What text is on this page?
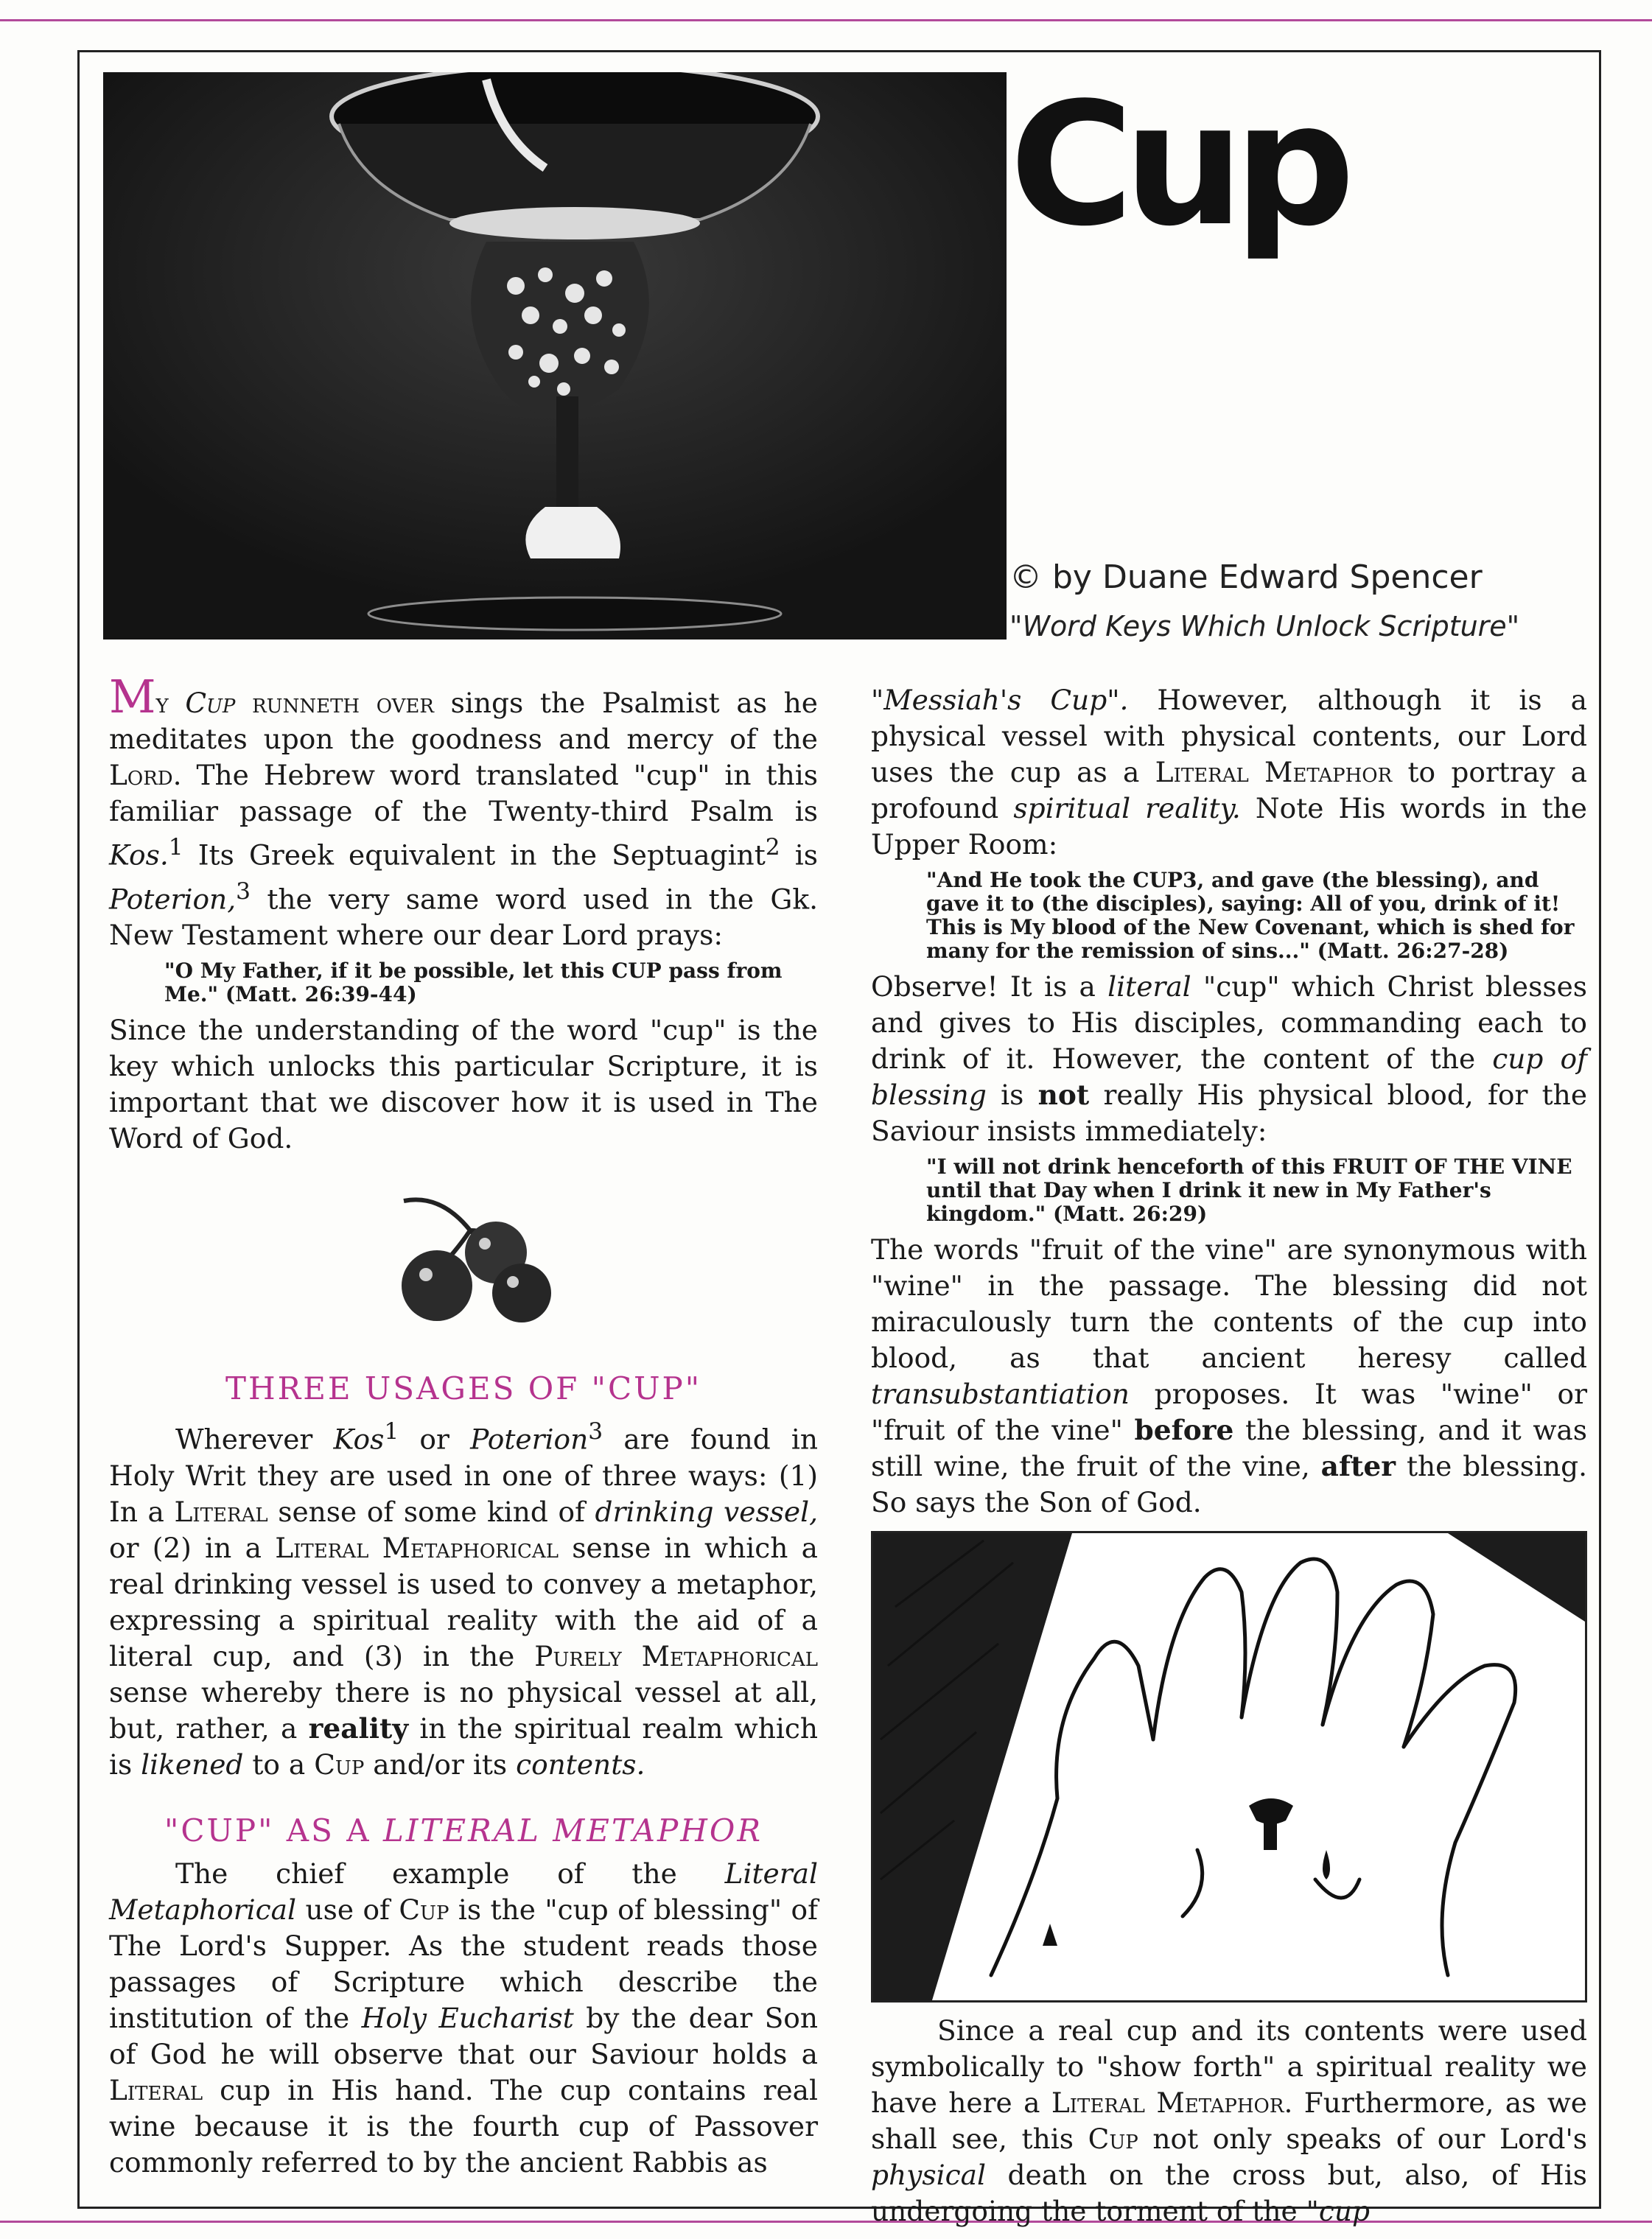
Cup

© by Duane Edward Spencer

"Word Keys Which Unlock Scripture"

My Cup runneth over sings the Psalmist as he meditates upon the goodness and mercy of the Lord. The Hebrew word translated "cup" in this familiar passage of the Twenty-third Psalm is Kos.$^1$ Its Greek equivalent in the Septuagint$^2$ is Poterion,$^3$ the very same word used in the Gk. New Testament where our dear Lord prays:

"O My Father, if it be possible, let this CUP pass from Me." (Matt. 26:39-44)

Since the understanding of the word "cup" is the key which unlocks this particular Scripture, it is important that we discover how it is used in The Word of God.

THREE USAGES OF "CUP"

Wherever Kos$^1$ or Poterion$^3$ are found in Holy Writ they are used in one of three ways: (1) In a Literal sense of some kind of drinking vessel, or (2) in a Literal Metaphorical sense in which a real drinking vessel is used to convey a metaphor, expressing a spiritual reality with the aid of a literal cup, and (3) in the Purely Metaphorical sense whereby there is no physical vessel at all, but, rather, a reality in the spiritual realm which is likened to a Cup and/or its contents.

"CUP" AS A LITERAL METAPHOR

The chief example of the Literal Metaphorical use of Cup is the "cup of blessing" of The Lord's Supper. As the student reads those passages of Scripture which describe the institution of the Holy Eucharist by the dear Son of God he will observe that our Saviour holds a Literal cup in His hand. The cup contains real wine because it is the fourth cup of Passover commonly referred to by the ancient Rabbis as

"Messiah's Cup". However, although it is a physical vessel with physical contents, our Lord uses the cup as a Literal Metaphor to portray a profound spiritual reality. Note His words in the Upper Room:

"And He took the CUP3, and gave (the blessing), and gave it to (the disciples), saying: All of you, drink of it! This is My blood of the New Covenant, which is shed for many for the remission of sins..." (Matt. 26:27-28)

Observe! It is a literal "cup" which Christ blesses and gives to His disciples, commanding each to drink of it. However, the content of the cup of blessing is not really His physical blood, for the Saviour insists immediately:

"I will not drink henceforth of this FRUIT OF THE VINE until that Day when I drink it new in My Father's kingdom." (Matt. 26:29)

The words "fruit of the vine" are synonymous with "wine" in the passage. The blessing did not miraculously turn the contents of the cup into blood, as that ancient heresy called transubstantiation proposes. It was "wine" or "fruit of the vine" before the blessing, and it was still wine, the fruit of the vine, after the blessing. So says the Son of God.

Since a real cup and its contents were used symbolically to "show forth" a spiritual reality we have here a Literal Metaphor. Furthermore, as we shall see, this Cup not only speaks of our Lord's physical death on the cross but, also, of His undergoing the torment of the "cup
